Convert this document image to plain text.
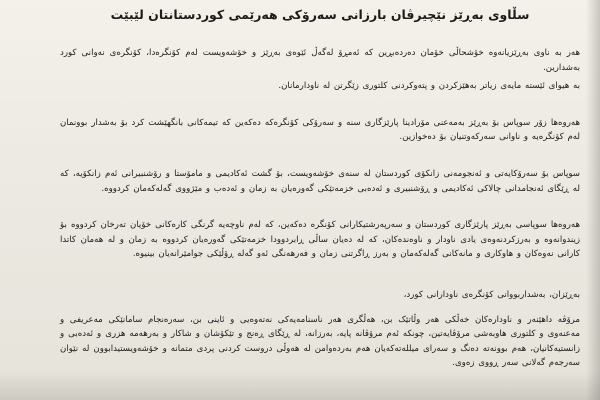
سڵاوی بەڕێز نێچیرڤان بارزانی سەرۆکی هەرێمی کوردستانتان لێبێت

هەر بە ناوی بەڕێزیانەوە خۆشحاڵی خۆمان دەردەبڕین کە ئەمڕۆ لەگەڵ ئێوەی بەڕێز و خۆشەویست لەم کۆنگرەدا، کۆنگرەی نەوانی کورد بەشدارین.

بە هیوای ئێستە مایەی زیاتر بەهێزکردن و پتەوکردنی کلتوری زێگرتن لە ناودارمانان.

هەروەها زۆر سوپاس بۆ بەڕێز بەمەعنی مۆرادینا پارێزگاری سنە و سەرۆکی کۆنگرەکە دەکەین کە تیمەکانی بانگهێشت کرد بۆ بەشدار بوونمان لەم کۆنگرەیە و ناوانی سەرکەوتنیان بۆ دەخوازین.

سوپاس بۆ سەرۆکایەتی و ئەنجومەنی زانکۆی کوردستان لە سنەی خۆشەویست، بۆ گشت ئەکادیمی و مامۆستا و رۆشنبیرانی ئەم زانکۆیە، کە لە ڕێگای ئەنجامدانی چالاکی ئەکادیمی و ڕۆشنبیری و ئەدەبی خزمەتێکی گەورەیان بە زمان و ئەدەب و مێژووی گەلەکەمان کردووە.

هەروەها سوپاسی بەڕێز پارێزگاری کوردستان و سەرپەرشتیکارانی کۆنگرە دەکەین، کە لەم ناوچەیە گرنگی کارەکانی خۆیان تەرخان کردووە بۆ زیندوانەوە و بەرزکردنەوەی یادی ناودار و ناوەندەکان، کە لە دەیان ساڵی ڕابردوودا خزمەتێکی گەورەیان کردووە بە زمان و لە هەمان کاتدا کارانی نەوەکان و هاوکاری و مانەکانی گەلەکەمان و بەرز ڕاگرتنی زمان و فەرهەنگی ئەو گەلە ڕۆڵێکی جوامێرانەیان بینیوە.

بەڕێزان، بەشداربووانی کۆنگرەی ناودارانی کورد،

مرۆڤە داهێنەر و ناودارەکان خەڵکی هەر وڵاتێک بن، هەڵگری هەر ناسنامەیەکی نەتەوەیی و ئاینی بن، سەرەنجام سامانێکی مەعریفی و مەعنەوی و کلتوری هاوبەشی مرۆڤایەتین، چونکە ئەم مرۆڤانە پایە، بەرزانە، لە ڕێگای ڕەنج و تێکۆشان و شاکار و بەرهەمە هزری و ئەدەبی و زانستیەکانیان، هەم بوونەتە دەنگ و سەرای میللەتەکەیان هەم بەردەوامن لە هەوڵی دروست کردنی پردی متمانە و خۆشەویستیدابوون لە نێوان سەرجەم گەلانی سەر ڕووی زەوی.
